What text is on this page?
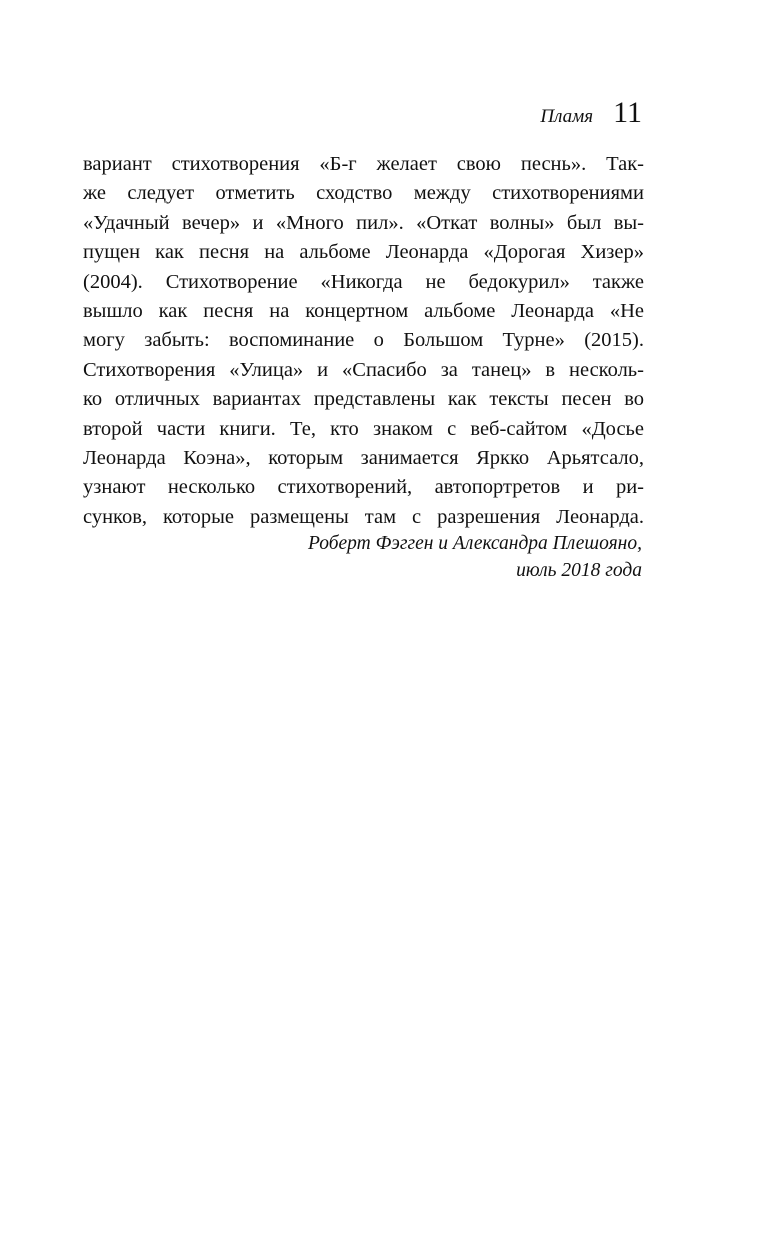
Пламя 11
вариант стихотворения «Б-г желает свою песнь». Так-
же следует отметить сходство между стихотворениями
«Удачный вечер» и «Много пил». «Откат волны» был вы-
пущен как песня на альбоме Леонарда «Дорогая Хизер»
(2004). Стихотворение «Никогда не бедокурил» также
вышло как песня на концертном альбоме Леонарда «Не
могу забыть: воспоминание о Большом Турне» (2015).
Стихотворения «Улица» и «Спасибо за танец» в несколь-
ко отличных вариантах представлены как тексты песен во
второй части книги. Те, кто знаком с веб-сайтом «Досье
Леонарда Коэна», которым занимается Яркко Арьятсало,
узнают несколько стихотворений, автопортретов и ри-
сунков, которые размещены там с разрешения Леонарда.
Роберт Фэгген и Александра Плешояно,
июль 2018 года
